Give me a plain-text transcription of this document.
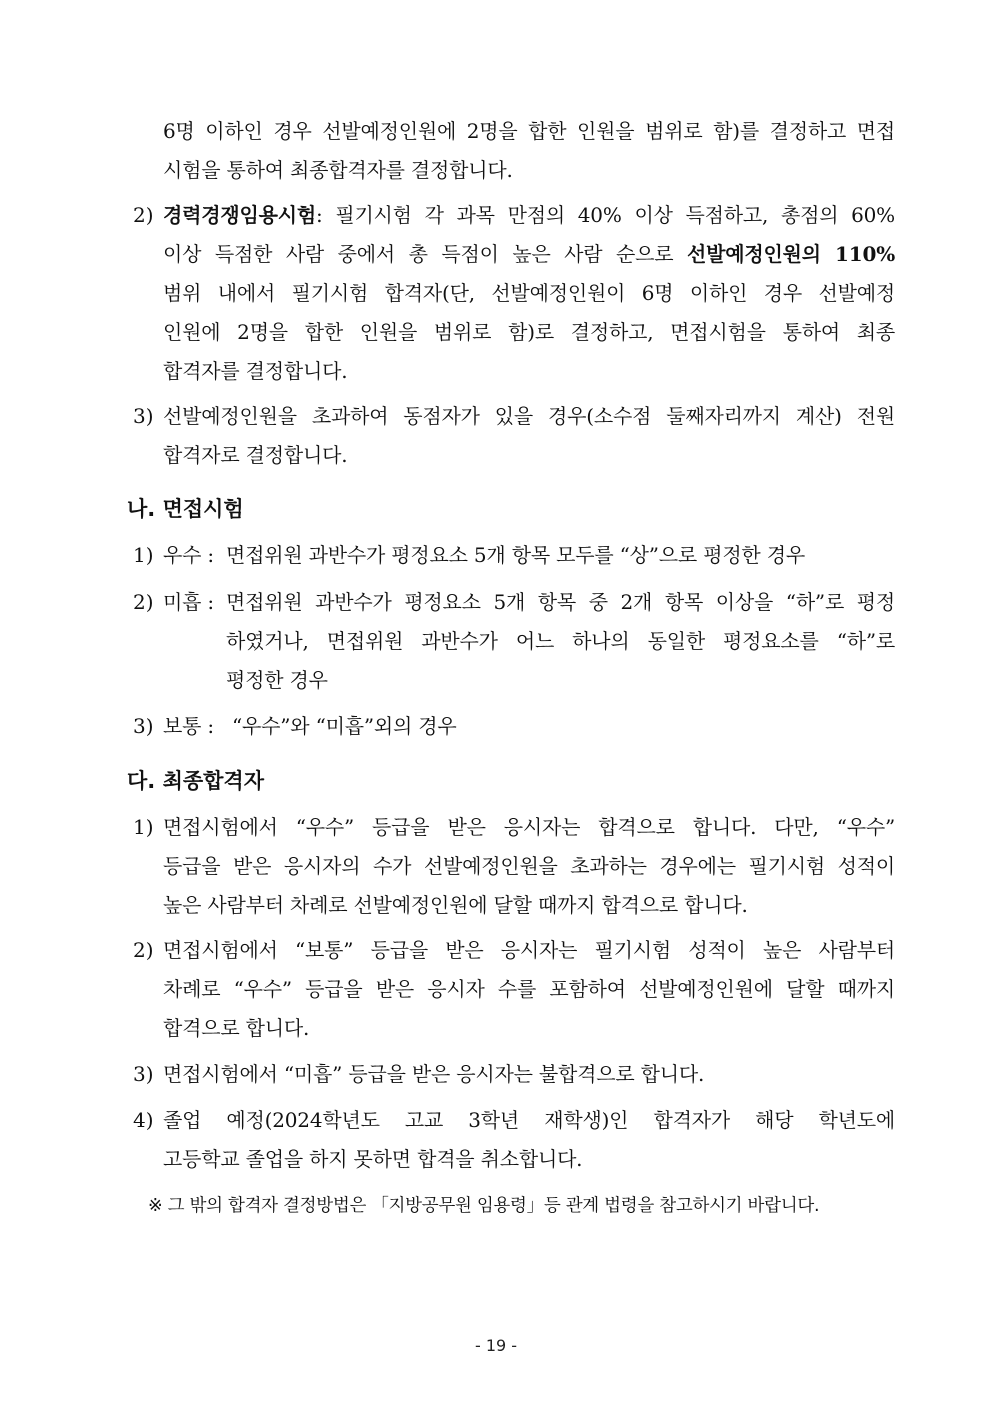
6명 이하인 경우 선발예정인원에 2명을 합한 인원을 범위로 함)를 결정하고 면접
시험을 통하여 최종합격자를 결정합니다.
2) 경력경쟁임용시험: 필기시험 각 과목 만점의 40% 이상 득점하고, 총점의 60%
이상 득점한 사람 중에서 총 득점이 높은 사람 순으로 선발예정인원의 110%
범위 내에서 필기시험 합격자(단, 선발예정인원이 6명 이하인 경우 선발예정
인원에 2명을 합한 인원을 범위로 함)로 결정하고, 면접시험을 통하여 최종
합격자를 결정합니다.
3) 선발예정인원을 초과하여 동점자가 있을 경우(소수점 둘째자리까지 계산) 전원
합격자로 결정합니다.
나. 면접시험
1) 우수 : 면접위원 과반수가 평정요소 5개 항목 모두를 “상”으로 평정한 경우
2) 미흡 : 면접위원 과반수가 평정요소 5개 항목 중 2개 항목 이상을 “하”로 평정
하였거나, 면접위원 과반수가 어느 하나의 동일한 평정요소를 “하”로
평정한 경우
3) 보통 : “우수”와 “미흡”외의 경우
다. 최종합격자
1) 면접시험에서 “우수” 등급을 받은 응시자는 합격으로 합니다. 다만, “우수”
등급을 받은 응시자의 수가 선발예정인원을 초과하는 경우에는 필기시험 성적이
높은 사람부터 차례로 선발예정인원에 달할 때까지 합격으로 합니다.
2) 면접시험에서 “보통” 등급을 받은 응시자는 필기시험 성적이 높은 사람부터
차례로 “우수” 등급을 받은 응시자 수를 포함하여 선발예정인원에 달할 때까지
합격으로 합니다.
3) 면접시험에서 “미흡” 등급을 받은 응시자는 불합격으로 합니다.
4) 졸업 예정(2024학년도 고교 3학년 재학생)인 합격자가 해당 학년도에
고등학교 졸업을 하지 못하면 합격을 취소합니다.
※ 그 밖의 합격자 결정방법은 「지방공무원 임용령」등 관계 법령을 참고하시기 바랍니다.
- 19 -
